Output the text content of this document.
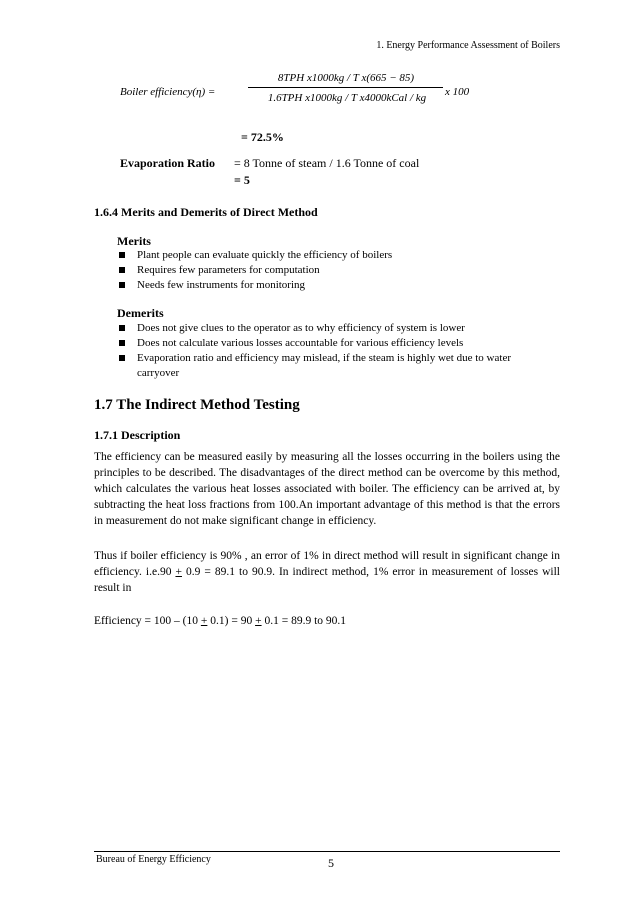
1. Energy Performance Assessment of Boilers
Boiler efficiency(η) =
8TPH x1000kg / T x(665 − 85)
1.6TPH x1000kg / T x4000kCal / kg	x 100
= 72.5%
Evaporation Ratio = 8 Tonne of steam / 1.6 Tonne of coal
= 5
1.6.4 Merits and Demerits of Direct Method
Merits
Plant people can evaluate quickly the efficiency of boilers
Requires few parameters for computation
Needs few instruments for monitoring
Demerits
Does not give clues to the operator as to why efficiency of system is lower
Does not calculate various losses accountable for various efficiency levels
Evaporation ratio and efficiency may mislead, if the steam is highly wet due to water carryover
1.7 The Indirect Method Testing
1.7.1 Description

The efficiency can be measured easily by measuring all the losses occurring in the boilers using the principles to be described. The disadvantages of the direct method can be overcome by this method, which calculates the various heat losses associated with boiler. The efficiency can be arrived at, by subtracting the heat loss fractions from 100.An important advantage of this method is that the errors in measurement do not make significant change in efficiency.

Thus if boiler efficiency is 90% , an error of 1% in direct method will result in significant change in efficiency. i.e.90 + 0.9 = 89.1 to 90.9. In indirect method, 1% error in measurement of losses will result in

Efficiency = 100 – (10 + 0.1) = 90 + 0.1 = 89.9 to 90.1

Bureau of Energy Efficiency	5
